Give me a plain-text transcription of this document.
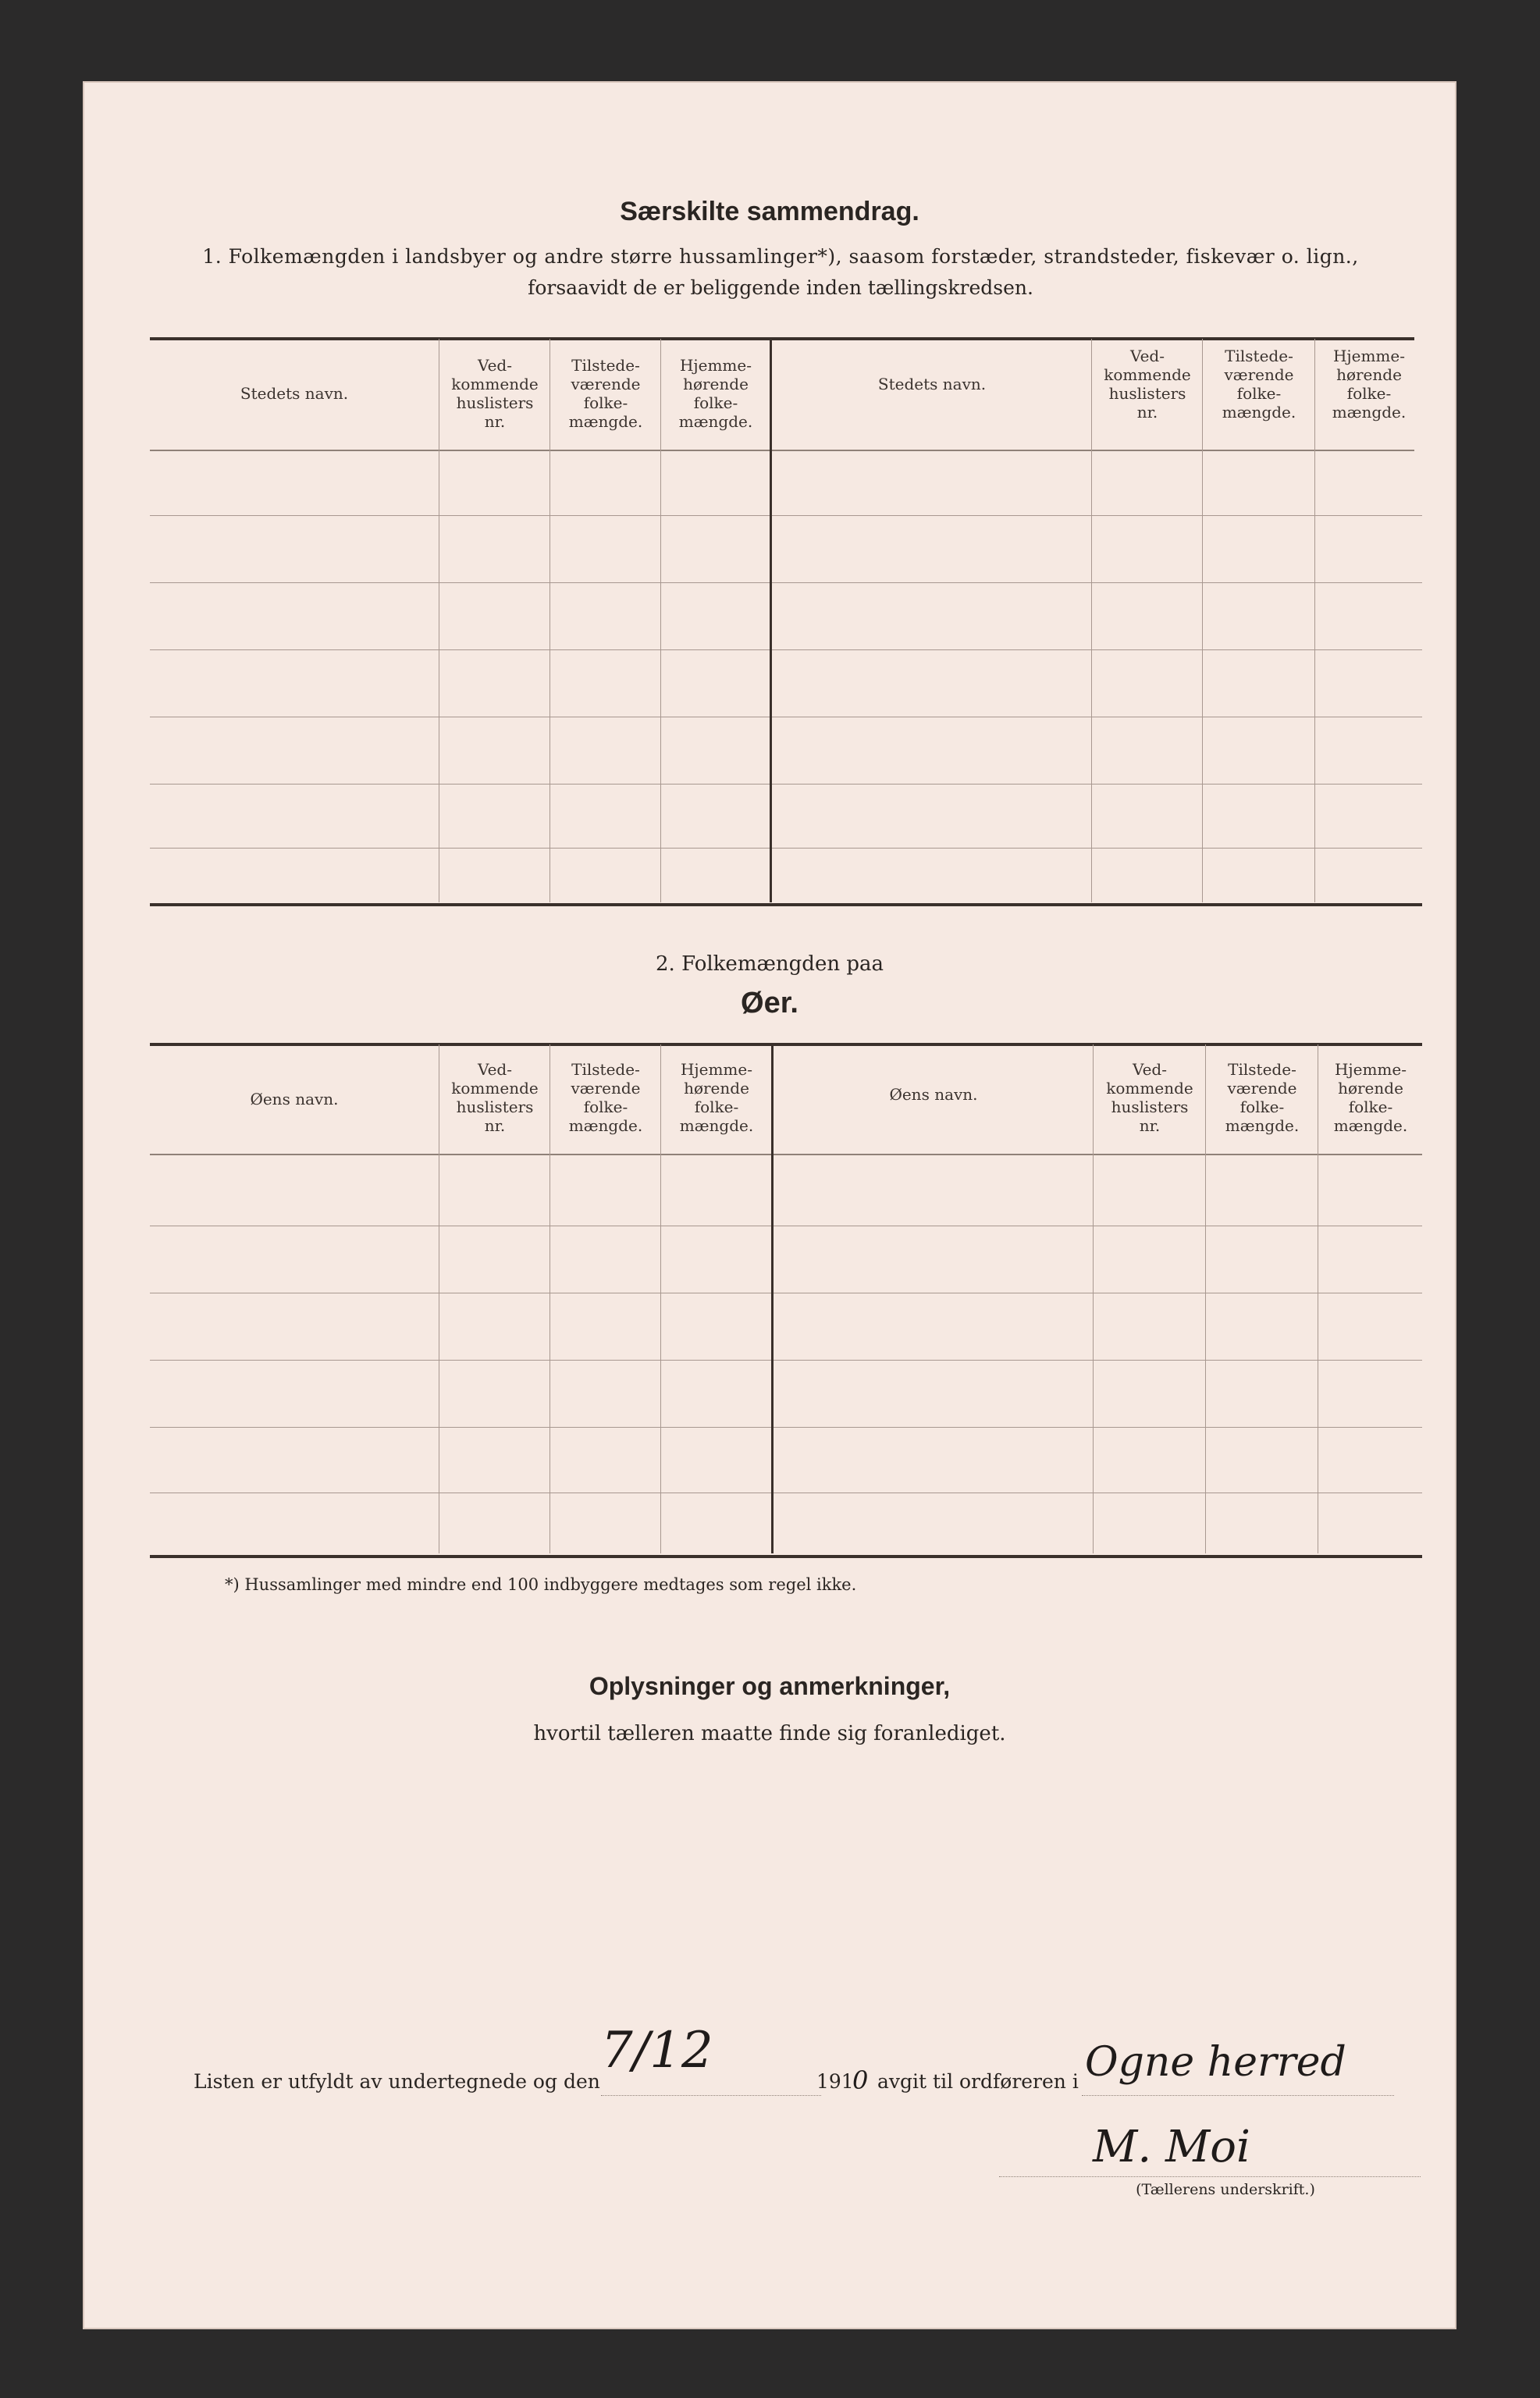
Særskilte sammendrag.
1. Folkemængden i landsbyer og andre større hussamlinger*), saasom forstæder, strandsteder, fiskevær o. lign.,
forsaavidt de er beliggende inden tællingskredsen.
Stedets navn.
Ved-
kommende
huslisters
nr.
Tilstede-
værende
folke-
mængde.
Hjemme-
hørende
folke-
mængde.
Stedets navn.
Ved-
kommende
huslisters
nr.
Tilstede-
værende
folke-
mængde.
Hjemme-
hørende
folke-
mængde.
2. Folkemængden paa
Øer.
Øens navn.
Ved-
kommende
huslisters
nr.
Tilstede-
værende
folke-
mængde.
Hjemme-
hørende
folke-
mængde.
Øens navn.
Ved-
kommende
huslisters
nr.
Tilstede-
værende
folke-
mængde.
Hjemme-
hørende
folke-
mængde.
*) Hussamlinger med mindre end 100 indbyggere medtages som regel ikke.
Oplysninger og anmerkninger,
hvortil tælleren maatte finde sig foranlediget.
Listen er utfyldt av undertegnede og den
7/12
191
0 avgit til ordføreren i Ogne herred
M. Moi
(Tællerens underskrift.)
